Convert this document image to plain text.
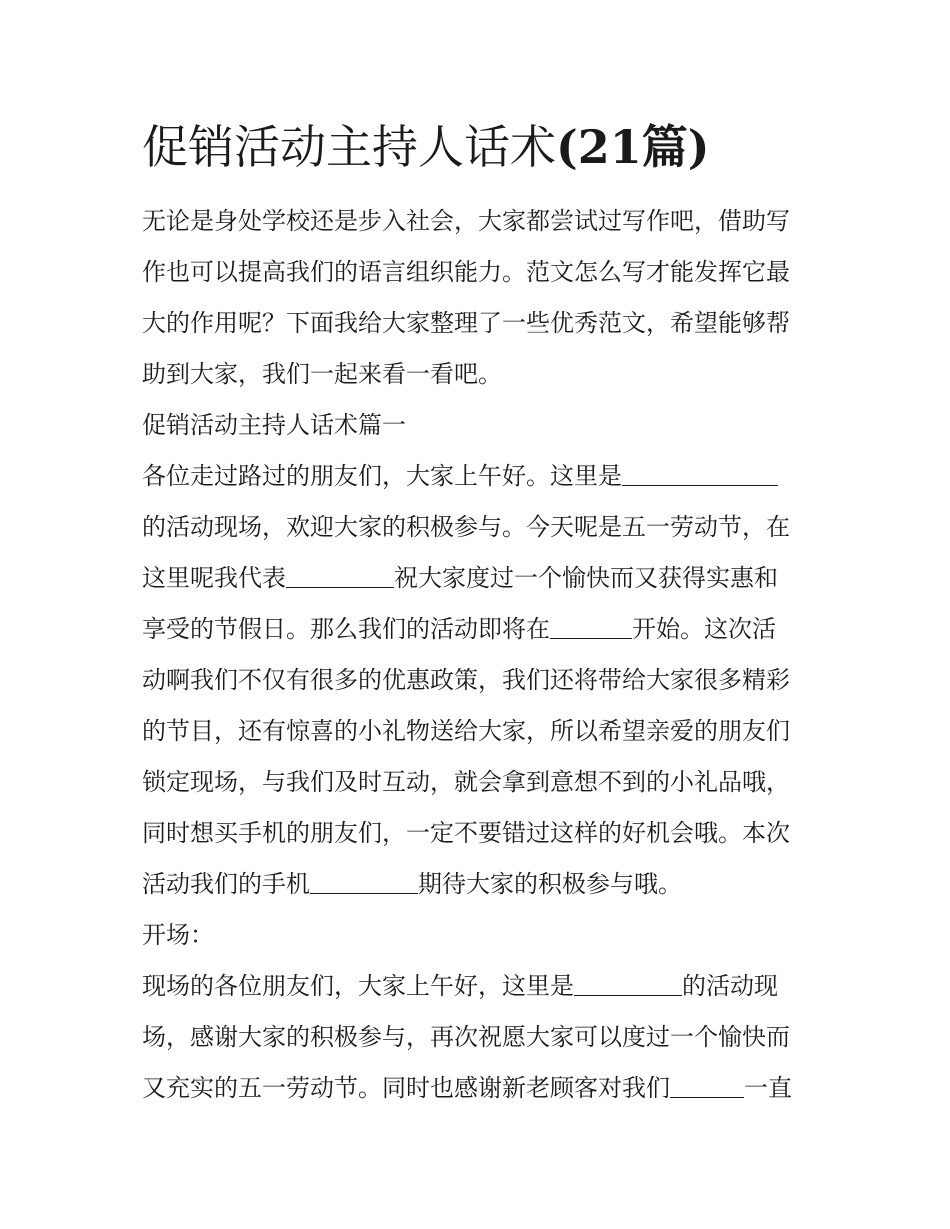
促销活动主持人话术(21篇)
无论是身处学校还是步入社会，大家都尝试过写作吧，借助写
作也可以提高我们的语言组织能力。范文怎么写才能发挥它最
大的作用呢？下面我给大家整理了一些优秀范文，希望能够帮
助到大家，我们一起来看一看吧。
促销活动主持人话术篇一
各位走过路过的朋友们，大家上午好。这里是
的活动现场，欢迎大家的积极参与。今天呢是五一劳动节，在
这里呢我代表	祝大家度过一个愉快而又获得实惠和
享受的节假日。那么我们的活动即将在	开始。这次活
动啊我们不仅有很多的优惠政策，我们还将带给大家很多精彩
的节目，还有惊喜的小礼物送给大家，所以希望亲爱的朋友们
锁定现场，与我们及时互动，就会拿到意想不到的小礼品哦，
同时想买手机的朋友们，一定不要错过这样的好机会哦。本次
活动我们的手机	期待大家的积极参与哦。
开场：
现场的各位朋友们，大家上午好，这里是	的活动现
场，感谢大家的积极参与，再次祝愿大家可以度过一个愉快而
又充实的五一劳动节。同时也感谢新老顾客对我们	一直
